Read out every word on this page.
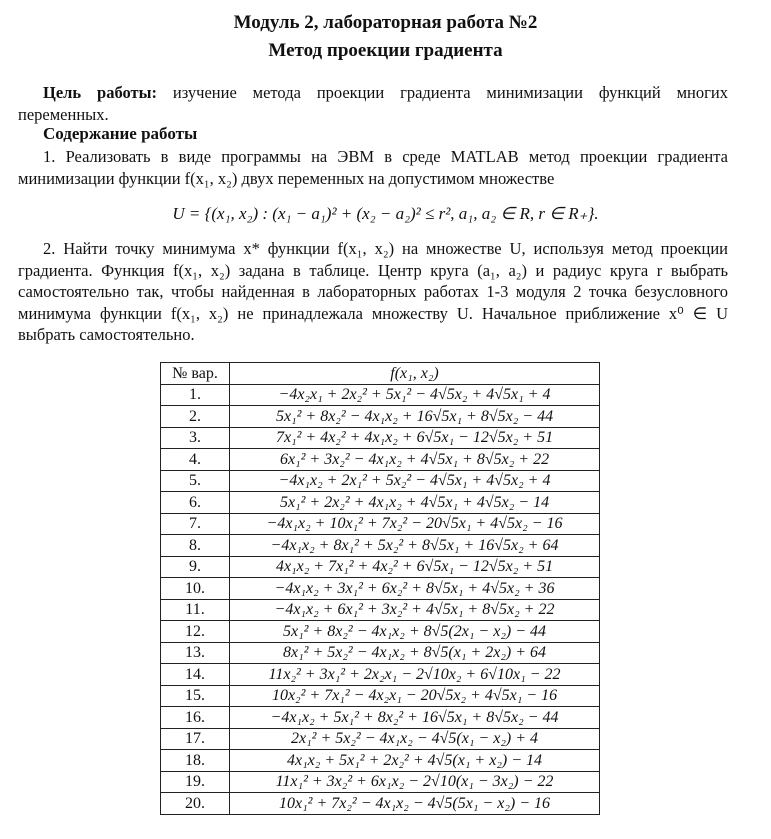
Модуль 2, лабораторная работа №2
Метод проекции градиента
Цель работы: изучение метода проекции градиента минимизации функций многих переменных.
Содержание работы
1. Реализовать в виде программы на ЭВМ в среде MATLAB метод проекции градиента минимизации функции f(x₁, x₂) двух переменных на допустимом множестве
U = {(x₁, x₂) : (x₁ − a₁)² + (x₂ − a₂)² ≤ r², a₁, a₂ ∈ R, r ∈ R₊}.
2. Найти точку минимума x* функции f(x₁, x₂) на множестве U, используя метод проекции градиента. Функция f(x₁, x₂) задана в таблице. Центр круга (a₁, a₂) и радиус круга r выбрать самостоятельно так, чтобы найденная в лабораторных работах 1-3 модуля 2 точка безусловного минимума функции f(x₁, x₂) не принадлежала множеству U. Начальное приближение x⁰ ∈ U выбрать самостоятельно.
№ вар.	f(x₁, x₂)
1.	−4x₂x₁ + 2x₂² + 5x₁² − 4√5x₂ + 4√5x₁ + 4
2.	5x₁² + 8x₂² − 4x₁x₂ + 16√5x₁ + 8√5x₂ − 44
3.	7x₁² + 4x₂² + 4x₁x₂ + 6√5x₁ − 12√5x₂ + 51
4.	6x₁² + 3x₂² − 4x₁x₂ + 4√5x₁ + 8√5x₂ + 22
5.	−4x₁x₂ + 2x₁² + 5x₂² − 4√5x₁ + 4√5x₂ + 4
6.	5x₁² + 2x₂² + 4x₁x₂ + 4√5x₁ + 4√5x₂ − 14
7.	−4x₁x₂ + 10x₁² + 7x₂² − 20√5x₁ + 4√5x₂ − 16
8.	−4x₁x₂ + 8x₁² + 5x₂² + 8√5x₁ + 16√5x₂ + 64
9.	4x₁x₂ + 7x₁² + 4x₂² + 6√5x₁ − 12√5x₂ + 51
10.	−4x₁x₂ + 3x₁² + 6x₂² + 8√5x₁ + 4√5x₂ + 36
11.	−4x₁x₂ + 6x₁² + 3x₂² + 4√5x₁ + 8√5x₂ + 22
12.	5x₁² + 8x₂² − 4x₁x₂ + 8√5(2x₁ − x₂) − 44
13.	8x₁² + 5x₂² − 4x₁x₂ + 8√5(x₁ + 2x₂) + 64
14.	11x₂² + 3x₁² + 2x₂x₁ − 2√10x₂ + 6√10x₁ − 22
15.	10x₂² + 7x₁² − 4x₂x₁ − 20√5x₂ + 4√5x₁ − 16
16.	−4x₁x₂ + 5x₁² + 8x₂² + 16√5x₁ + 8√5x₂ − 44
17.	2x₁² + 5x₂² − 4x₁x₂ − 4√5(x₁ − x₂) + 4
18.	4x₁x₂ + 5x₁² + 2x₂² + 4√5(x₁ + x₂) − 14
19.	11x₁² + 3x₂² + 6x₁x₂ − 2√10(x₁ − 3x₂) − 22
20.	10x₁² + 7x₂² − 4x₁x₂ − 4√5(5x₁ − x₂) − 16
